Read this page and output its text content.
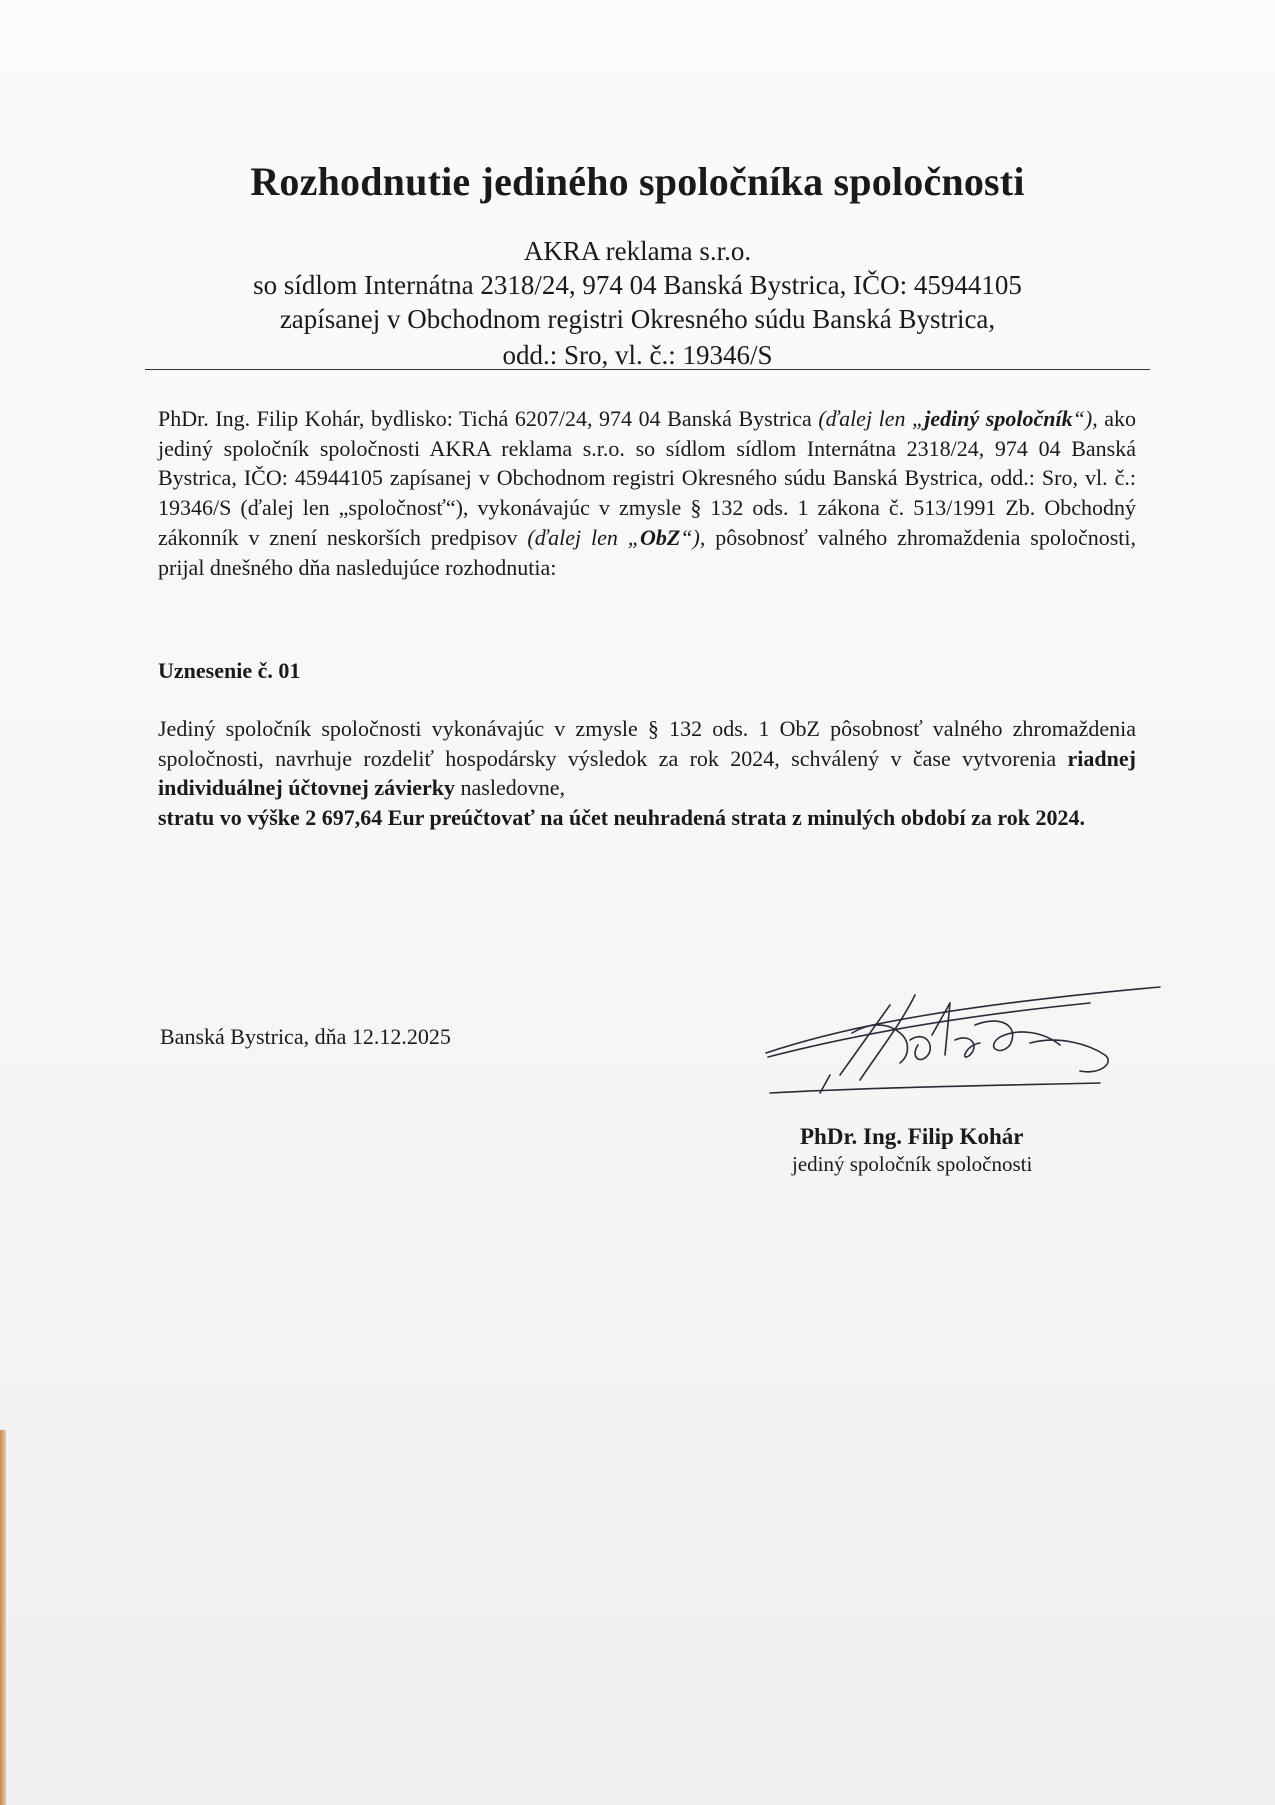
Rozhodnutie jediného spoločníka spoločnosti
AKRA reklama s.r.o.
so sídlom Internátna 2318/24, 974 04 Banská Bystrica, IČO: 45944105
zapísanej v Obchodnom registri Okresného súdu Banská Bystrica,
odd.: Sro, vl. č.: 19346/S
PhDr. Ing. Filip Kohár, bydlisko: Tichá 6207/24, 974 04 Banská Bystrica (ďalej len „jediný spoločník“), ako jediný spoločník spoločnosti AKRA reklama s.r.o. so sídlom sídlom Internátna 2318/24, 974 04 Banská Bystrica, IČO: 45944105 zapísanej v Obchodnom registri Okresného súdu Banská Bystrica, odd.: Sro, vl. č.: 19346/S (ďalej len „spoločnosť“), vykonávajúc v zmysle § 132 ods. 1 zákona č. 513/1991 Zb. Obchodný zákonník v znení neskorších predpisov (ďalej len „ObZ“), pôsobnosť valného zhromaždenia spoločnosti, prijal dnešného dňa nasledujúce rozhodnutia:
Uznesenie č. 01
Jediný spoločník spoločnosti vykonávajúc v zmysle § 132 ods. 1 ObZ pôsobnosť valného zhromaždenia spoločnosti, navrhuje rozdeliť hospodársky výsledok za rok 2024, schválený v čase vytvorenia riadnej individuálnej účtovnej závierky nasledovne,
stratu vo výške 2 697,64 Eur preúčtovať na účet neuhradená strata z minulých období za rok 2024.
Banská Bystrica, dňa 12.12.2025
PhDr. Ing. Filip Kohár
jediný spoločník spoločnosti
